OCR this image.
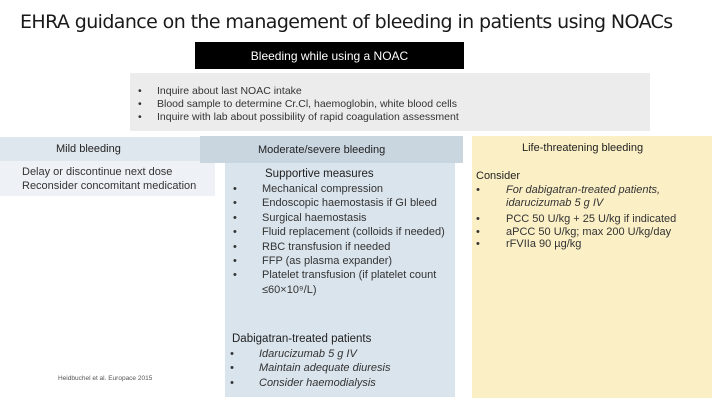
EHRA guidance on the management of bleeding in patients using NOACs
Bleeding while using a NOAC
• Inquire about last NOAC intake
• Blood sample to determine Cr.Cl, haemoglobin, white blood cells
• Inquire with lab about possibility of rapid coagulation assessment
Mild bleeding
Delay or discontinue next dose
Reconsider concomitant medication
Supportive measures
• Mechanical compression
• Endoscopic haemostasis if GI bleed
• Surgical haemostasis
• Fluid replacement (colloids if needed)
• RBC transfusion if needed
• FFP (as plasma expander)
• Platelet transfusion (if platelet count ≤60×10⁹/L)
Dabigatran-treated patients
• Idarucizumab 5 g IV
• Maintain adequate diuresis
• Consider haemodialysis
Moderate/severe bleeding	Life-threatening bleeding
Consider
• For dabigatran-treated patients, idarucizumab 5 g IV
• PCC 50 U/kg + 25 U/kg if indicated
• aPCC 50 U/kg; max 200 U/kg/day
• rFVIIa 90 µg/kg
Heidbuchel et al. Europace 2015
